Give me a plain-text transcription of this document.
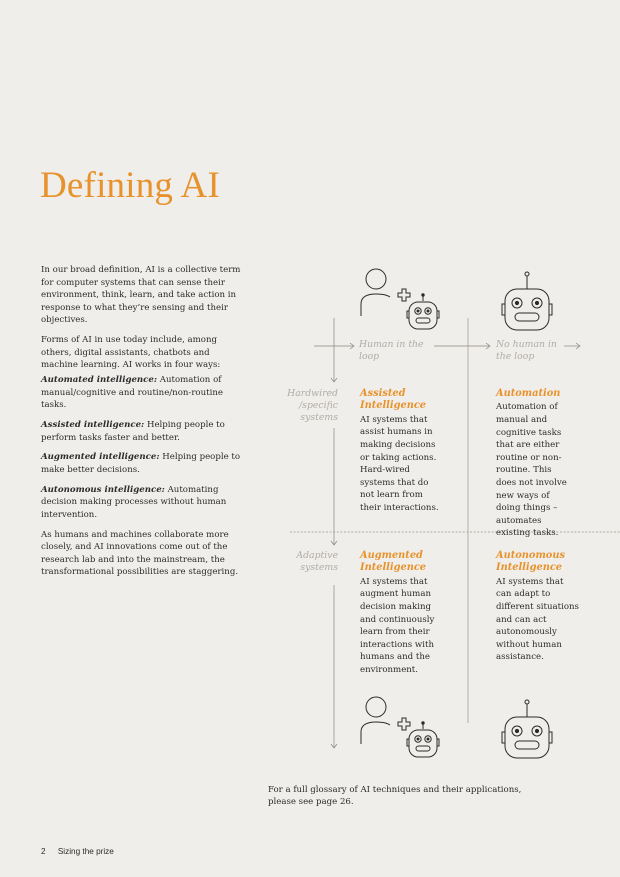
Defining AI

In our broad definition, AI is a collective term for computer systems that can sense their environment, think, learn, and take action in response to what they’re sensing and their objectives.

Forms of AI in use today include, among others, digital assistants, chatbots and machine learning. AI works in four ways:

Automated intelligence: Automation of manual/cognitive and routine/non-routine tasks.

Assisted intelligence: Helping people to perform tasks faster and better.

Augmented intelligence: Helping people to make better decisions.

Autonomous intelligence: Automating decision making processes without human intervention.

As humans and machines collaborate more closely, and AI innovations come out of the research lab and into the mainstream, the transformational possibilities are staggering.

Human in the loop
No human in the loop
Hardwired /specific systems
Adaptive systems
Assisted Intelligence
AI systems that assist humans in making decisions or taking actions. Hard-wired systems that do not learn from their interactions.
Automation
Automation of manual and cognitive tasks that are either routine or non-routine. This does not involve new ways of doing things – automates existing tasks.
Augmented Intelligence
AI systems that augment human decision making and continuously learn from their interactions with humans and the environment.
Autonomous Intelligence
AI systems that can adapt to different situations and can act autonomously without human assistance.
For a full glossary of AI techniques and their applications, please see page 26.
2 Sizing the prize
